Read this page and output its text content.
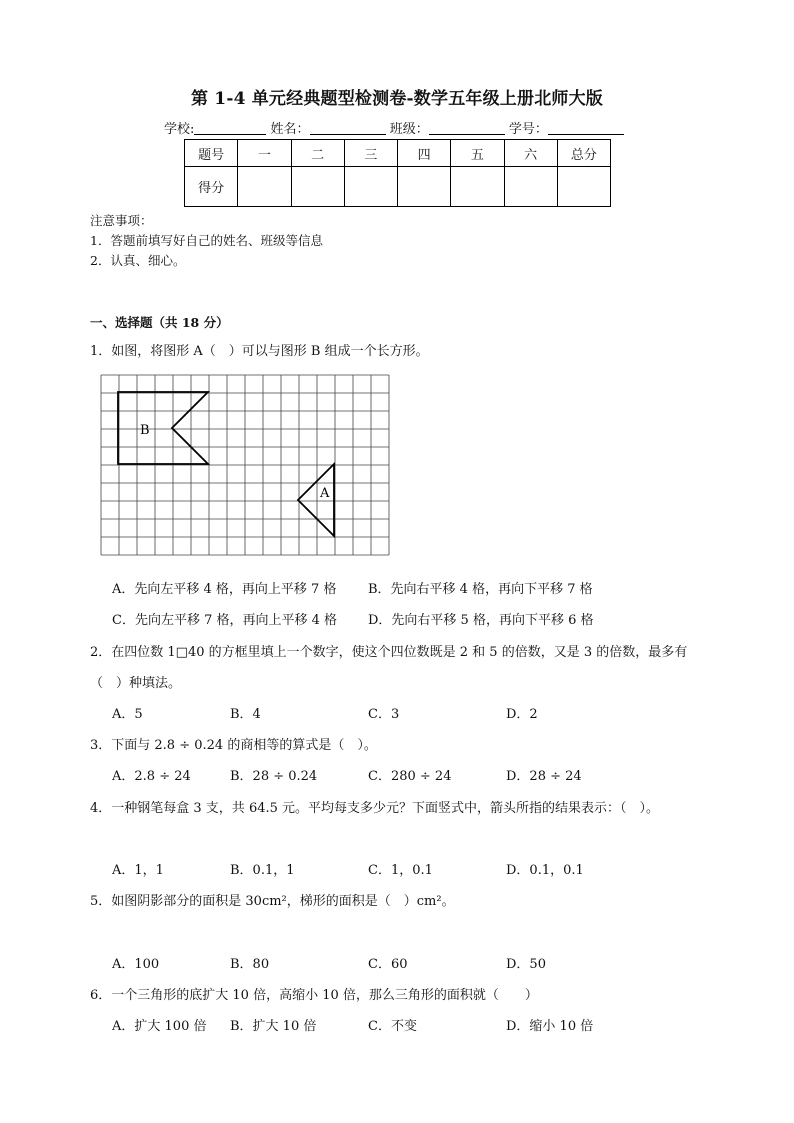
第 1-4 单元经典题型检测卷-数学五年级上册北师大版
学校:	姓名：	班级：	学号：
题号	一	二	三	四	五	六	总分
得分							
注意事项：
1．答题前填写好自己的姓名、班级等信息
2．认真、细心。
一、选择题（共 18 分）
1．如图，将图形 A（　）可以与图形 B 组成一个长方形。
B
A
A．先向左平移 4 格，再向上平移 7 格 B．先向右平移 4 格，再向下平移 7 格
C．先向左平移 7 格，再向上平移 4 格 D．先向右平移 5 格，再向下平移 6 格
2．在四位数 1□40 的方框里填上一个数字，使这个四位数既是 2 和 5 的倍数，又是 3 的倍数，最多有
（　）种填法。
A．5	B．4	C．3	D．2
3．下面与 2.8 ÷ 0.24 的商相等的算式是（　）。
A．2.8 ÷ 24	B．28 ÷ 0.24	C．280 ÷ 24	D．28 ÷ 24
4．一种钢笔每盒 3 支，共 64.5 元。平均每支多少元？下面竖式中，箭头所指的结果表示：（　）。
A．1，1	B．0.1，1	C．1，0.1	D．0.1，0.1
5．如图阴影部分的面积是 30cm²，梯形的面积是（　）cm²。
A．100	B．80	C．60	D．50
6．一个三角形的底扩大 10 倍，高缩小 10 倍，那么三角形的面积就（　　）
A．扩大 100 倍 B．扩大 10 倍	C．不变	D．缩小 10 倍
